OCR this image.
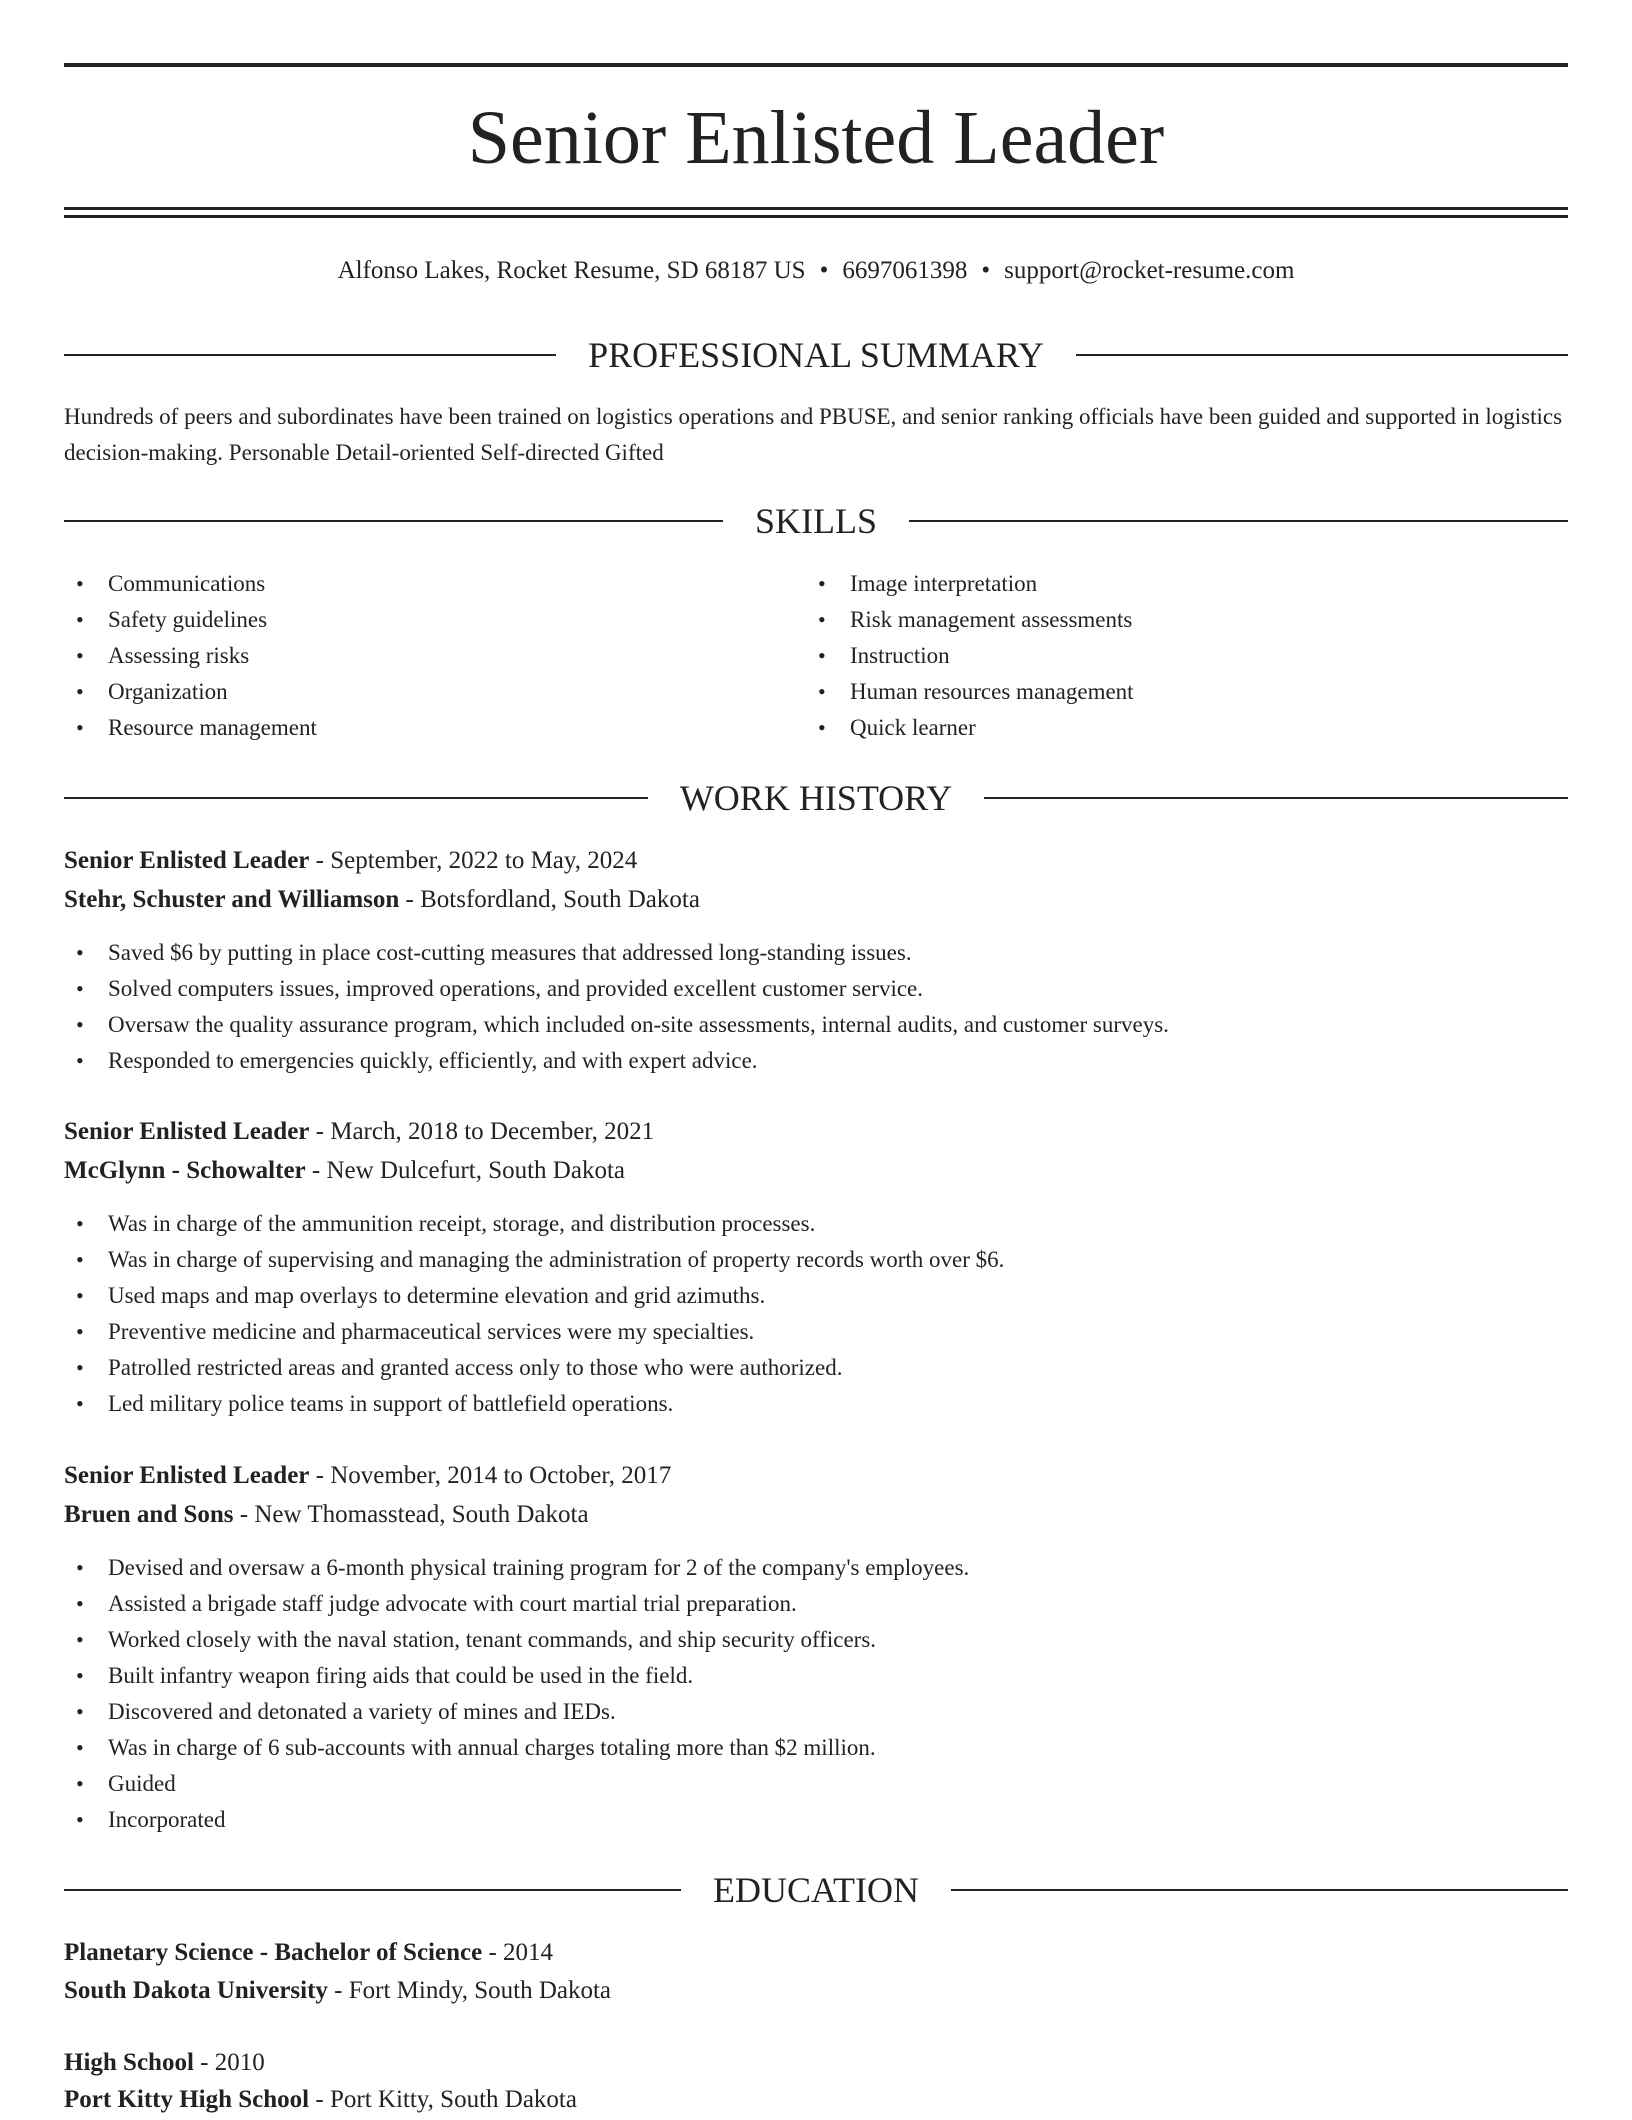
Senior Enlisted Leader
Alfonso Lakes, Rocket Resume, SD 68187 US • 6697061398 • support@rocket-resume.com
PROFESSIONAL SUMMARY
Hundreds of peers and subordinates have been trained on logistics operations and PBUSE, and senior ranking officials have been guided and supported in logistics decision-making. Personable Detail-oriented Self-directed Gifted
SKILLS
• Communications
• Safety guidelines
• Assessing risks
• Organization
• Resource management
• Image interpretation
• Risk management assessments
• Instruction
• Human resources management
• Quick learner
WORK HISTORY
Senior Enlisted Leader - September, 2022 to May, 2024
Stehr, Schuster and Williamson - Botsfordland, South Dakota
• Saved $6 by putting in place cost-cutting measures that addressed long-standing issues.
• Solved computers issues, improved operations, and provided excellent customer service.
• Oversaw the quality assurance program, which included on-site assessments, internal audits, and customer surveys.
• Responded to emergencies quickly, efficiently, and with expert advice.
Senior Enlisted Leader - March, 2018 to December, 2021
McGlynn - Schowalter - New Dulcefurt, South Dakota
• Was in charge of the ammunition receipt, storage, and distribution processes.
• Was in charge of supervising and managing the administration of property records worth over $6.
• Used maps and map overlays to determine elevation and grid azimuths.
• Preventive medicine and pharmaceutical services were my specialties.
• Patrolled restricted areas and granted access only to those who were authorized.
• Led military police teams in support of battlefield operations.
Senior Enlisted Leader - November, 2014 to October, 2017
Bruen and Sons - New Thomasstead, South Dakota
• Devised and oversaw a 6-month physical training program for 2 of the company's employees.
• Assisted a brigade staff judge advocate with court martial trial preparation.
• Worked closely with the naval station, tenant commands, and ship security officers.
• Built infantry weapon firing aids that could be used in the field.
• Discovered and detonated a variety of mines and IEDs.
• Was in charge of 6 sub-accounts with annual charges totaling more than $2 million.
• Guided
• Incorporated
EDUCATION
Planetary Science - Bachelor of Science - 2014
South Dakota University - Fort Mindy, South Dakota
High School - 2010
Port Kitty High School - Port Kitty, South Dakota
